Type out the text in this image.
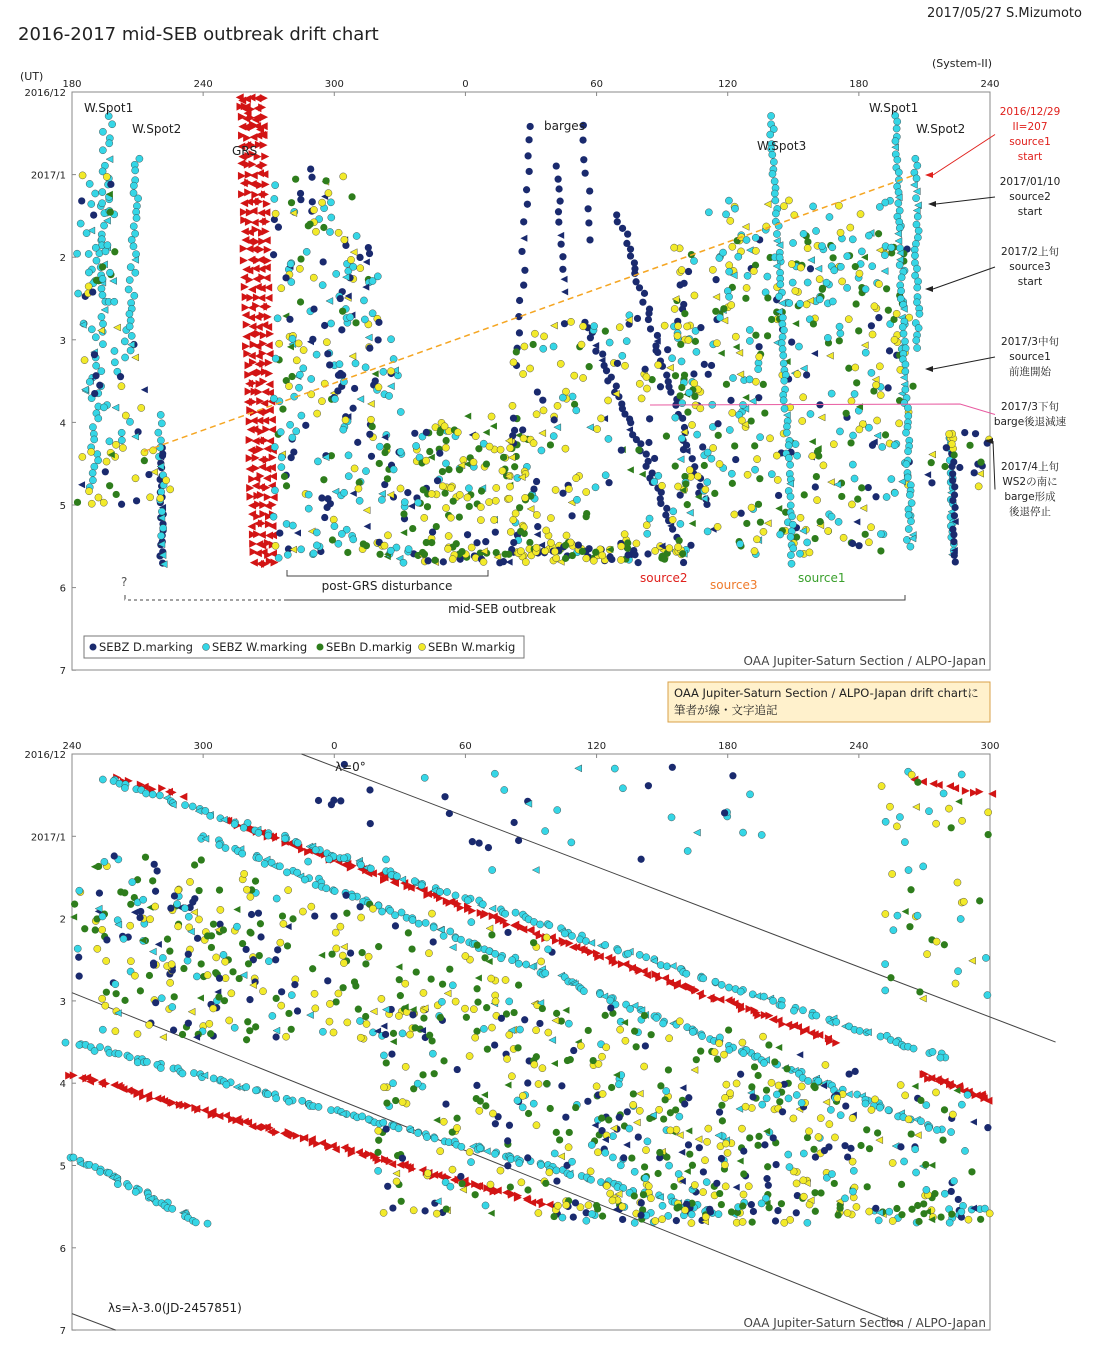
2016-2017 mid-SEB outbreak drift chart
2017/05/27 S.Mizumoto
(UT)
(System-II)
180	240	300	0	60	120	180	240
2016/12
2017/1
2
3
4
5
6
7
W.Spot1
W.Spot2
GRS
barges
W.Spot3
W.Spot1
W.Spot2
source2 source3	source1
?	post-GRS disturbance
mid-SEB outbreak
SEBZ D.marking SEBZ W.marking SEBn D.markig SEBn W.markig
OAA Jupiter-Saturn Section / ALPO-Japan
2016/12/29
II=207
source1
start
2017/01/10
source2
start
2017/2上旬
source3
start
2017/3中旬
source1
前進開始
2017/3下旬
barge後退減速
2017/4上旬
WS2の南に
barge形成
後退停止
OAA Jupiter-Saturn Section / ALPO-Japan drift chartに
筆者が線・文字追記
240	300	0	60	120	180	240	300
2016/12
2017/1
2
3
4
5
6
7
λ=0°
λs=λ-3.0(JD-2457851)
OAA Jupiter-Saturn Section / ALPO-Japan
